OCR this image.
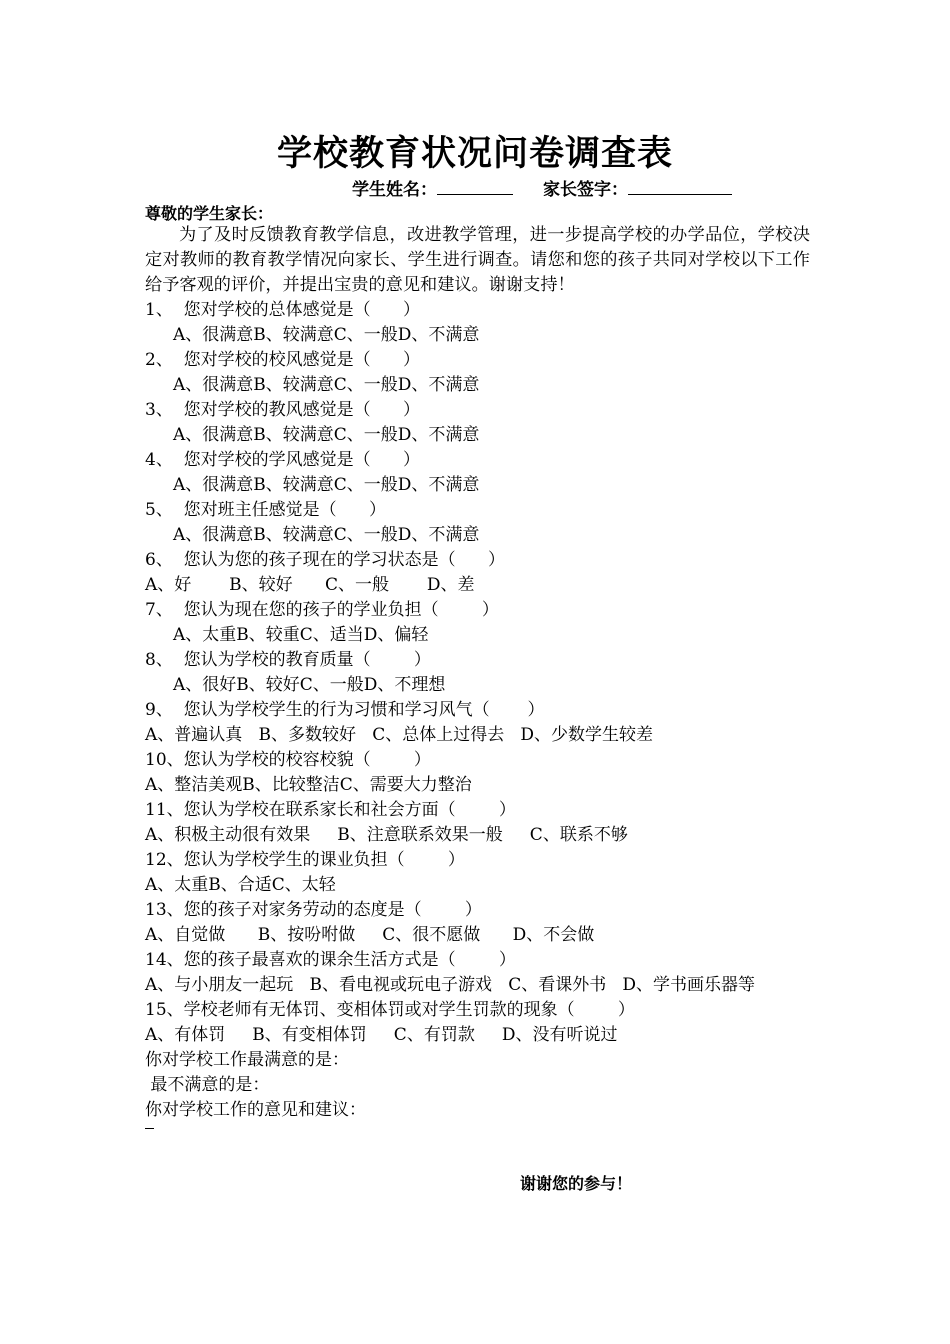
学校教育状况问卷调查表
学生姓名：	家长签字：
尊敬的学生家长：
为了及时反馈教育教学信息，改进教学管理，进一步提高学校的办学品位，学校决定对教师的教育教学情况向家长、学生进行调查。请您和您的孩子共同对学校以下工作给予客观的评价，并提出宝贵的意见和建议。谢谢支持！
1、  您对学校的总体感觉是（      ）
A、很满意B、较满意C、一般D、不满意
2、  您对学校的校风感觉是（      ）
A、很满意B、较满意C、一般D、不满意
3、  您对学校的教风感觉是（      ）
A、很满意B、较满意C、一般D、不满意
4、  您对学校的学风感觉是（      ）
A、很满意B、较满意C、一般D、不满意
5、  您对班主任感觉是（      ）
A、很满意B、较满意C、一般D、不满意
6、  您认为您的孩子现在的学习状态是（      ）
A、好       B、较好      C、一般       D、差
7、  您认为现在您的孩子的学业负担（        ）
A、太重B、较重C、适当D、偏轻
8、  您认为学校的教育质量（        ）
A、很好B、较好C、一般D、不理想
9、  您认为学校学生的行为习惯和学习风气（       ）
A、普遍认真   B、多数较好   C、总体上过得去   D、少数学生较差
10、您认为学校的校容校貌（        ）
A、整洁美观B、比较整洁C、需要大力整治
11、您认为学校在联系家长和社会方面（        ）
A、积极主动很有效果     B、注意联系效果一般     C、联系不够
12、您认为学校学生的课业负担（        ）
A、太重B、合适C、太轻
13、您的孩子对家务劳动的态度是（        ）
A、自觉做      B、按吩咐做     C、很不愿做      D、不会做
14、您的孩子最喜欢的课余生活方式是（        ）
A、与小朋友一起玩   B、看电视或玩电子游戏   C、看课外书   D、学书画乐器等
15、学校老师有无体罚、变相体罚或对学生罚款的现象（        ）
A、有体罚     B、有变相体罚     C、有罚款     D、没有听说过
你对学校工作最满意的是：
最不满意的是：
你对学校工作的意见和建议：
谢谢您的参与！
